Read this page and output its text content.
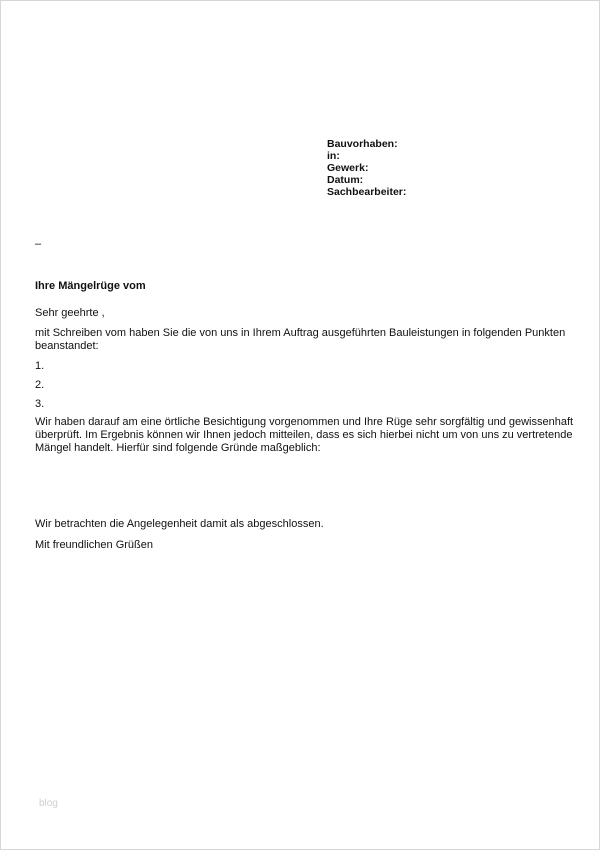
Bauvorhaben:
in:
Gewerk:
Datum:
Sachbearbeiter:
–
Ihre Mängelrüge vom
Sehr geehrte ,
mit Schreiben vom haben Sie die von uns in Ihrem Auftrag ausgeführten Bauleistungen in folgenden Punkten beanstandet:
1.
2.
3.
Wir haben darauf am eine örtliche Besichtigung vorgenommen und Ihre Rüge sehr sorgfältig und gewissenhaft überprüft. Im Ergebnis können wir Ihnen jedoch mitteilen, dass es sich hierbei nicht um von uns zu vertretende Mängel handelt. Hierfür sind folgende Gründe maßgeblich:
Wir betrachten die Angelegenheit damit als abgeschlossen.
Mit freundlichen Grüßen
blog
